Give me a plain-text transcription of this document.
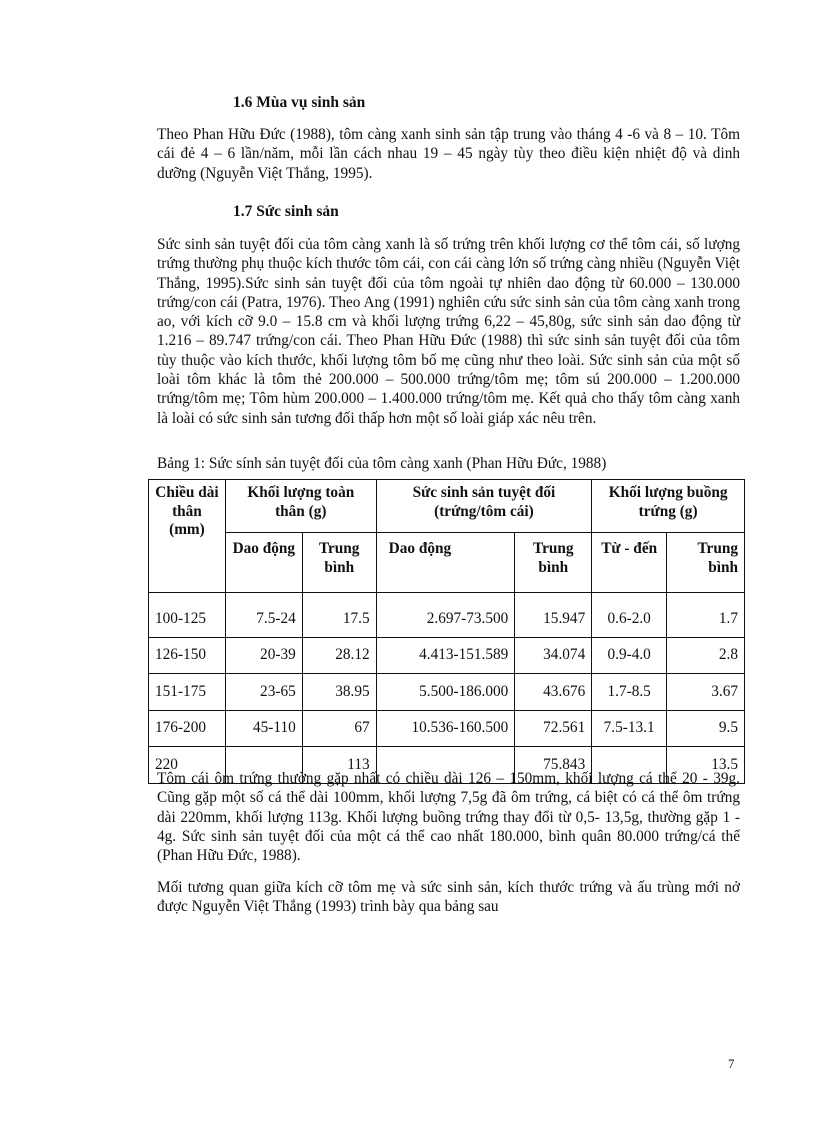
1.6 Mùa vụ sinh sản

Theo Phan Hữu Đức (1988), tôm càng xanh sinh sản tập trung vào tháng 4 -6 và 8 – 10. Tôm cái đẻ 4 – 6 lần/năm, mỗi lần cách nhau 19 – 45 ngày tùy theo điều kiện nhiệt độ và dinh dưỡng (Nguyễn Việt Thắng, 1995).

1.7 Sức sinh sản

Sức sinh sản tuyệt đối của tôm càng xanh là số trứng trên khối lượng cơ thể tôm cái, số lượng trứng thường phụ thuộc kích thước tôm cái, con cái càng lớn số trứng càng nhiều (Nguyễn Việt Thắng, 1995).Sức sinh sản tuyệt đối của tôm ngoài tự nhiên dao động từ 60.000 – 130.000 trứng/con cái (Patra, 1976). Theo Ang (1991) nghiên cứu sức sinh sản của tôm càng xanh trong ao, với kích cỡ 9.0 – 15.8 cm và khối lượng trứng 6,22 – 45,80g, sức sinh sản dao động từ 1.216 – 89.747 trứng/con cái. Theo Phan Hữu Đức (1988) thì sức sinh sản tuyệt đối của tôm tùy thuộc vào kích thước, khối lượng tôm bố mẹ cũng như theo loài. Sức sinh sản của một số loài tôm khác là tôm thẻ 200.000 – 500.000 trứng/tôm mẹ; tôm sú 200.000 – 1.200.000 trứng/tôm mẹ; Tôm hùm 200.000 – 1.400.000 trứng/tôm mẹ. Kết quả cho thấy tôm càng xanh là loài có sức sinh sản tương đối thấp hơn một số loài giáp xác nêu trên.

Bảng 1: Sức sính sản tuyệt đối của tôm càng xanh (Phan Hữu Đức, 1988)
Chiều dài thân (mm)	Khối lượng toàn thân (g)		Sức sinh sản tuyệt đối (trứng/tôm cái)		Khối lượng buồng trứng (g)	
	Dao động	Trung bình	Dao động	Trung bình	Từ - đến	Trung bình
100-125	7.5-24	17.5	2.697-73.500	15.947	0.6-2.0	1.7
126-150	20-39	28.12	4.413-151.589	34.074	0.9-4.0	2.8
151-175	23-65	38.95	5.500-186.000	43.676	1.7-8.5	3.67
176-200	45-110	67	10.536-160.500	72.561	7.5-13.1	9.5
220		113		75.843		13.5

Tôm cái ôm trứng thường gặp nhất có chiều dài 126 – 150mm, khối lượng cá thể 20 - 39g. Cũng gặp một số cá thể dài 100mm, khối lượng 7,5g đã ôm trứng, cá biệt có cá thể ôm trứng dài 220mm, khối lượng 113g. Khối lượng buồng trứng thay đổi từ 0,5- 13,5g, thường gặp 1 - 4g. Sức sinh sản tuyệt đối của một cá thể cao nhất 180.000, bình quân 80.000 trứng/cá thể (Phan Hữu Đức, 1988).

Mối tương quan giữa kích cỡ tôm mẹ và sức sinh sản, kích thước trứng và ấu trùng mới nở được Nguyễn Việt Thắng (1993) trình bày qua bảng sau

7
